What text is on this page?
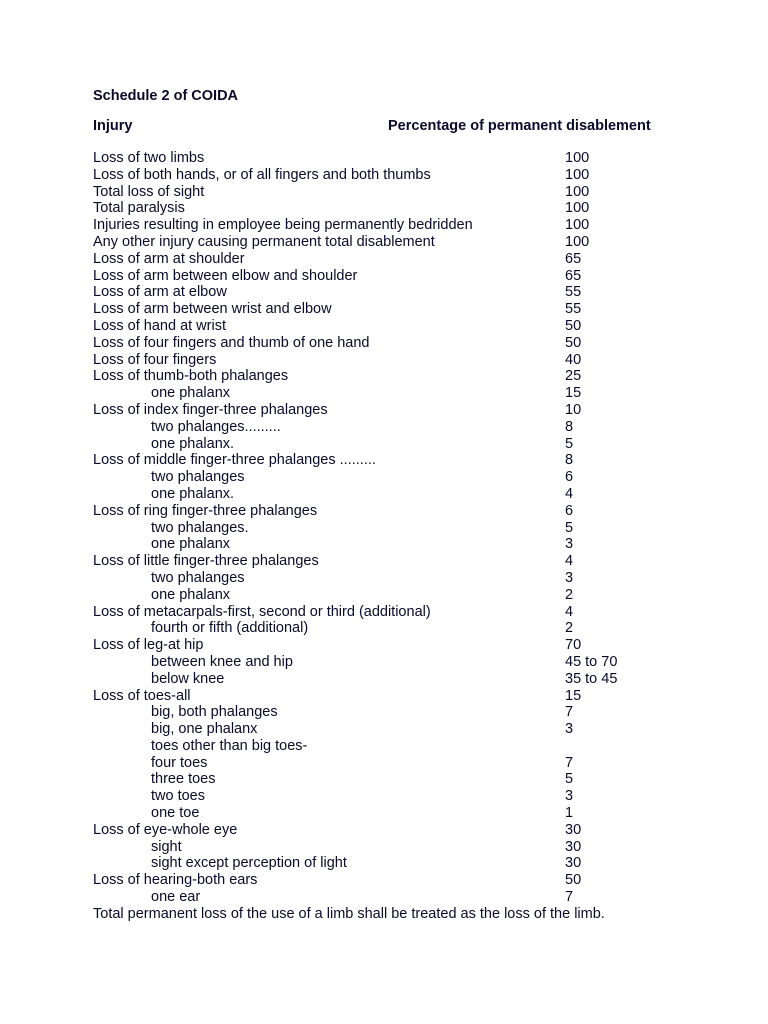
Schedule 2 of COIDA
Injury	Percentage of permanent disablement
Loss of two limbs	100
Loss of both hands, or of all fingers and both thumbs	100
Total loss of sight	100
Total paralysis	100
Injuries resulting in employee being permanently bedridden	100
Any other injury causing permanent total disablement	100
Loss of arm at shoulder	65
Loss of arm between elbow and shoulder	65
Loss of arm at elbow	55
Loss of arm between wrist and elbow	55
Loss of hand at wrist	50
Loss of four fingers and thumb of one hand	50
Loss of four fingers	40
Loss of thumb-both phalanges	25
one phalanx	15
Loss of index finger-three phalanges	10
two phalanges.........	8
one phalanx.	5
Loss of middle finger-three phalanges .........	8
two phalanges	6
one phalanx.	4
Loss of ring finger-three phalanges	6
two phalanges.	5
one phalanx	3
Loss of little finger-three phalanges	4
two phalanges	3
one phalanx	2
Loss of metacarpals-first, second or third (additional)	4
fourth or fifth (additional)	2
Loss of leg-at hip	70
between knee and hip	45 to 70
below knee	35 to 45
Loss of toes-all	15
big, both phalanges	7
big, one phalanx	3
toes other than big toes-
four toes	7
three toes	5
two toes	3
one toe	1
Loss of eye-whole eye	30
sight	30
sight except perception of light	30
Loss of hearing-both ears	50
one ear	7
Total permanent loss of the use of a limb shall be treated as the loss of the limb.
